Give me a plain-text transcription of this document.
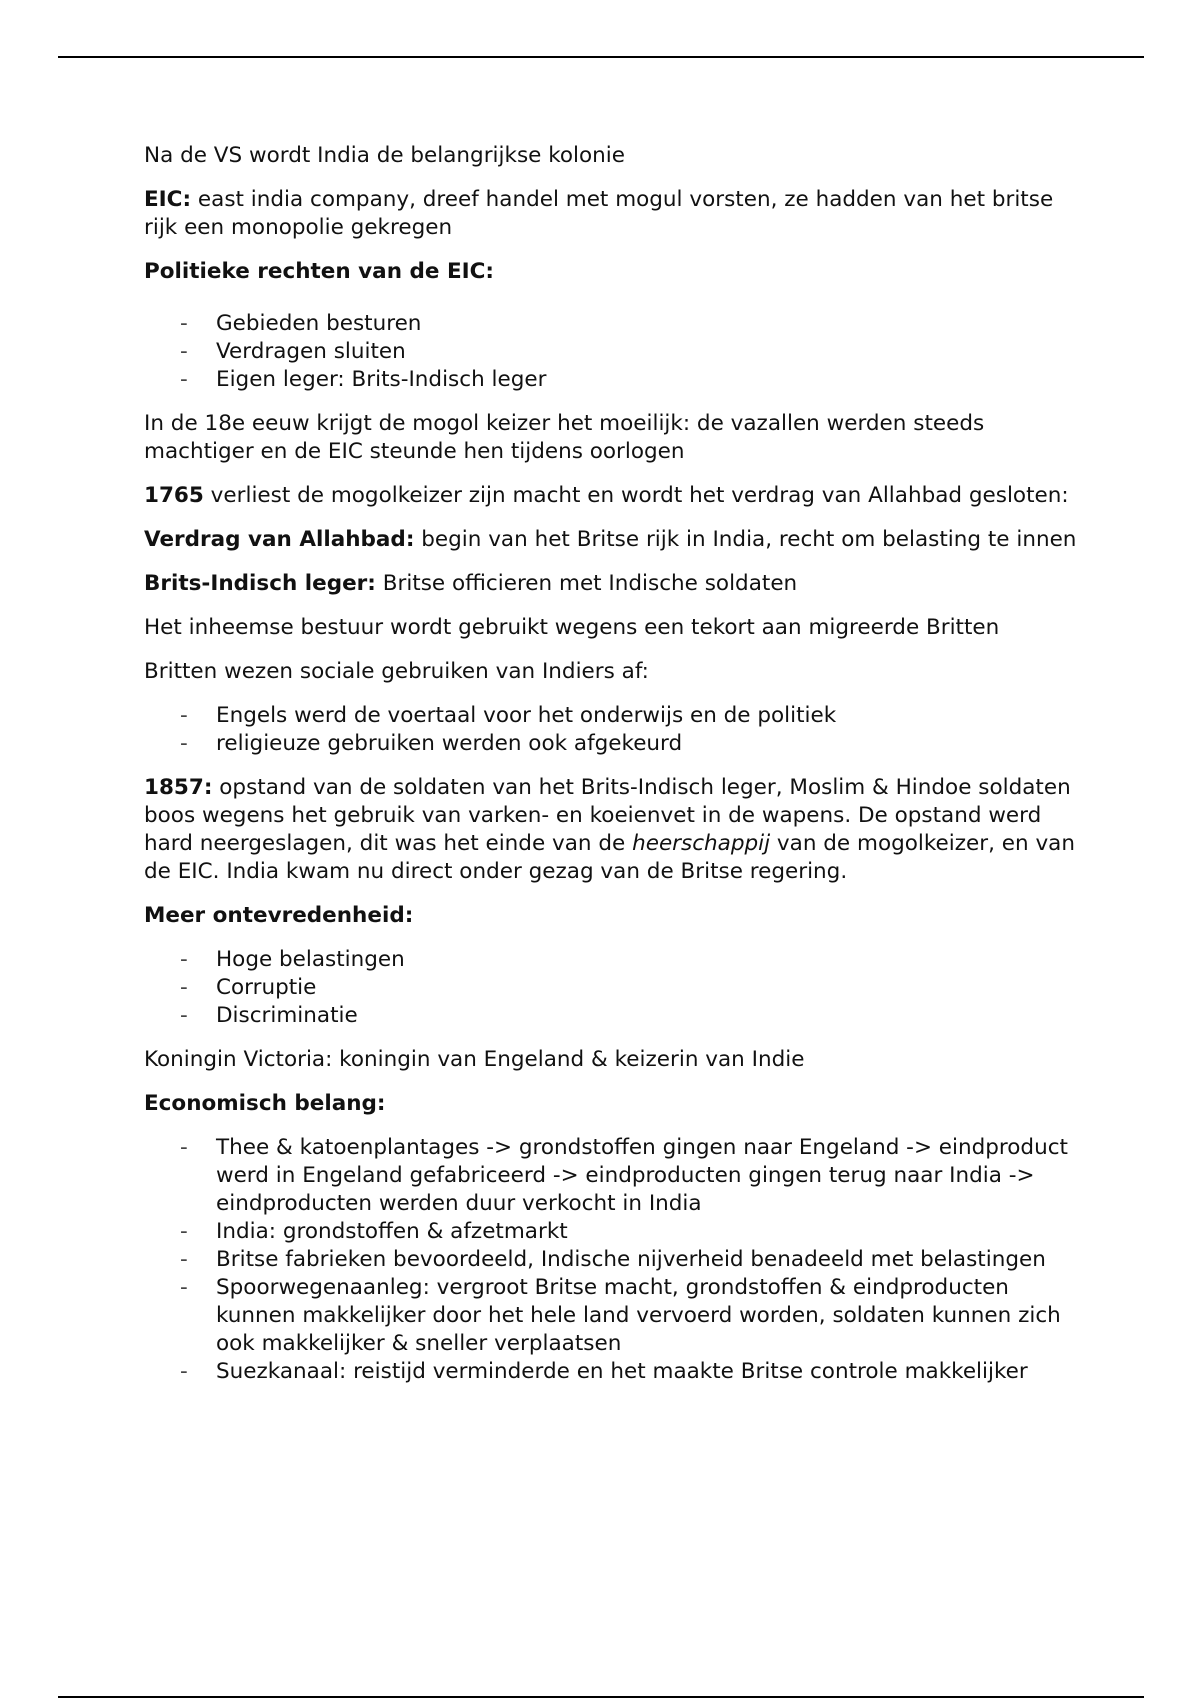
Na de VS wordt India de belangrijkse kolonie

EIC: east india company, dreef handel met mogul vorsten, ze hadden van het britse rijk een monopolie gekregen

Politieke rechten van de EIC:

- Gebieden besturen
- Verdragen sluiten
- Eigen leger: Brits-Indisch leger

In de 18e eeuw krijgt de mogol keizer het moeilijk: de vazallen werden steeds machtiger en de EIC steunde hen tijdens oorlogen

1765 verliest de mogolkeizer zijn macht en wordt het verdrag van Allahbad gesloten:

Verdrag van Allahbad: begin van het Britse rijk in India, recht om belasting te innen

Brits-Indisch leger: Britse officieren met Indische soldaten

Het inheemse bestuur wordt gebruikt wegens een tekort aan migreerde Britten

Britten wezen sociale gebruiken van Indiers af:

- Engels werd de voertaal voor het onderwijs en de politiek
- religieuze gebruiken werden ook afgekeurd

1857: opstand van de soldaten van het Brits-Indisch leger, Moslim & Hindoe soldaten boos wegens het gebruik van varken- en koeienvet in de wapens. De opstand werd hard neergeslagen, dit was het einde van de heerschappij van de mogolkeizer, en van de EIC. India kwam nu direct onder gezag van de Britse regering.

Meer ontevredenheid:

- Hoge belastingen
- Corruptie
- Discriminatie

Koningin Victoria: koningin van Engeland & keizerin van Indie

Economisch belang:

- Thee & katoenplantages -> grondstoffen gingen naar Engeland -> eindproduct werd in Engeland gefabriceerd -> eindproducten gingen terug naar India -> eindproducten werden duur verkocht in India
- India: grondstoffen & afzetmarkt
- Britse fabrieken bevoordeeld, Indische nijverheid benadeeld met belastingen
- Spoorwegenaanleg: vergroot Britse macht, grondstoffen & eindproducten kunnen makkelijker door het hele land vervoerd worden, soldaten kunnen zich ook makkelijker & sneller verplaatsen
- Suezkanaal: reistijd verminderde en het maakte Britse controle makkelijker
